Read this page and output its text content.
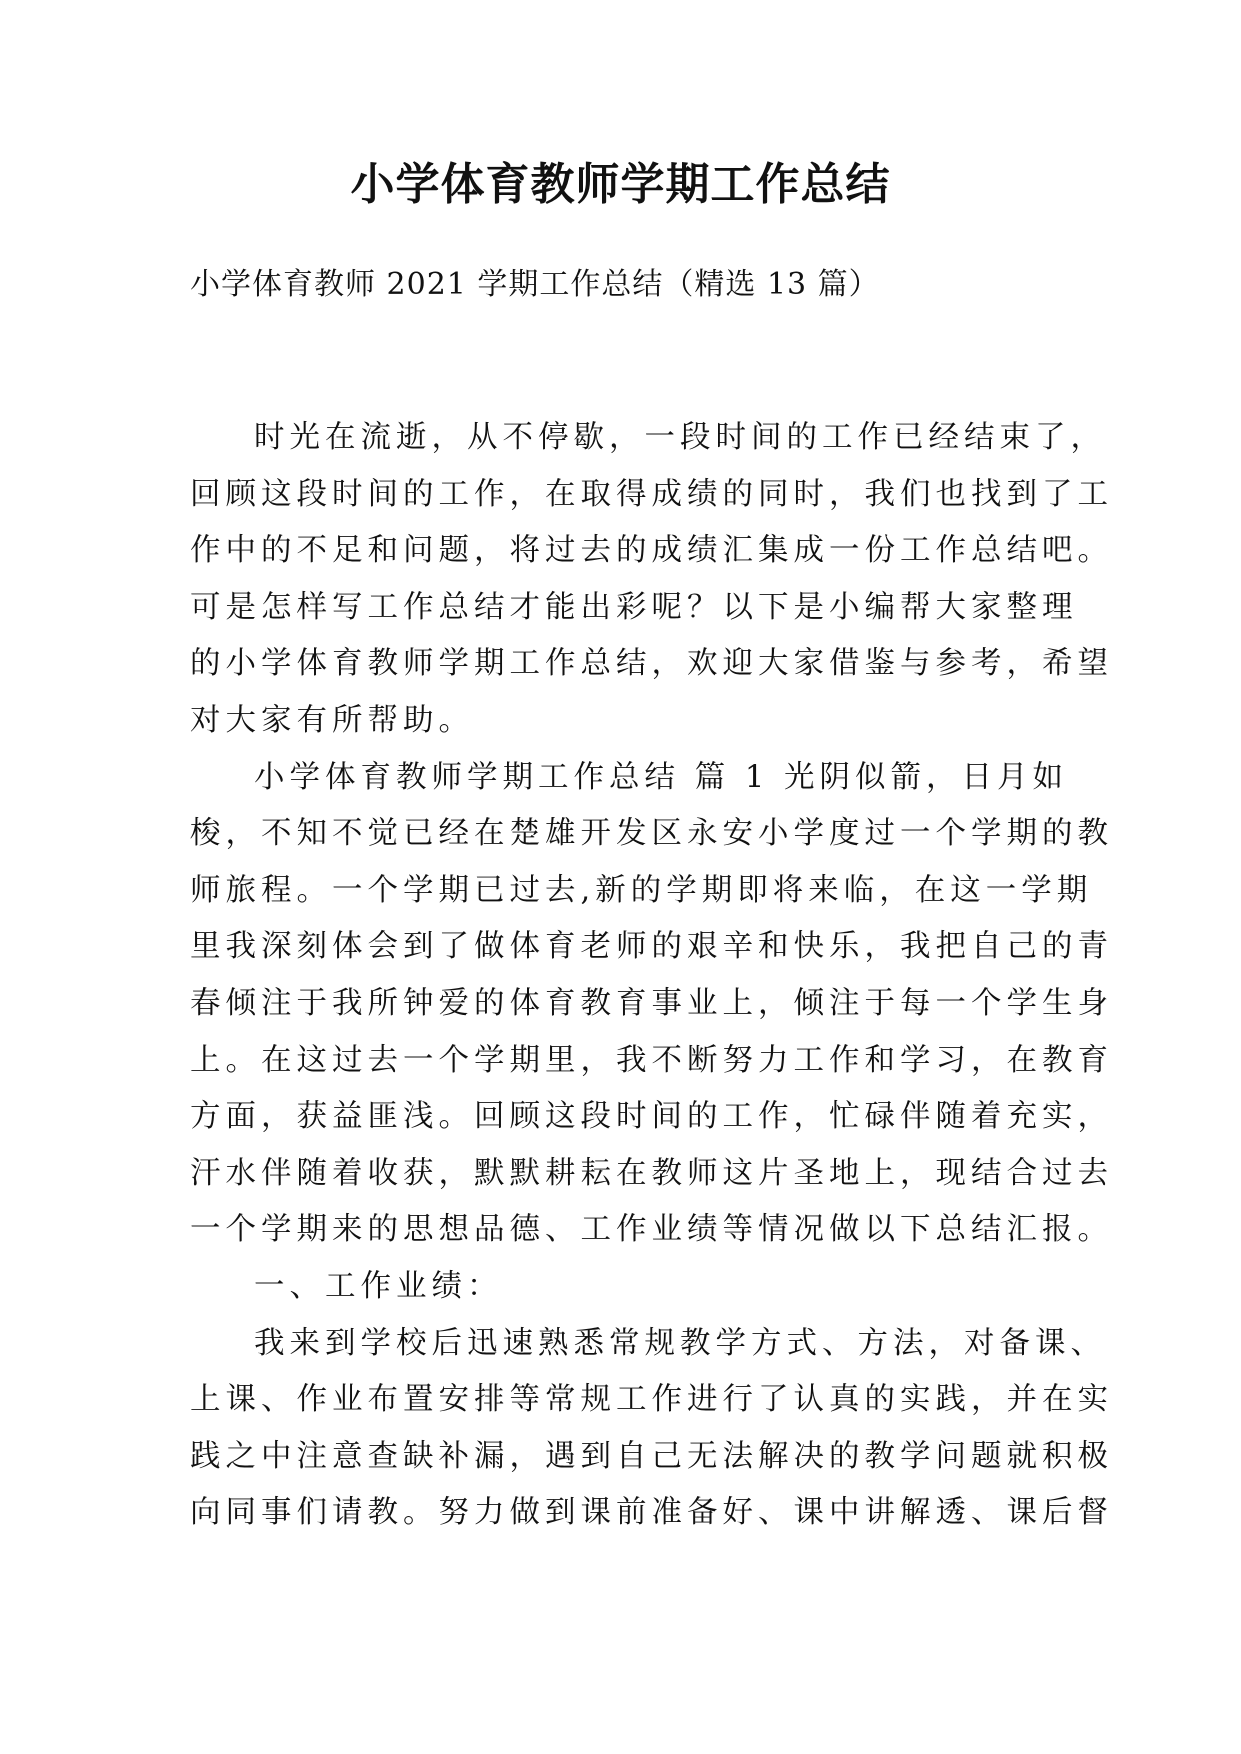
小学体育教师学期工作总结
小学体育教师 2021 学期工作总结（精选 13 篇）
时光在流逝，从不停歇，一段时间的工作已经结束了，
回顾这段时间的工作，在取得成绩的同时，我们也找到了工
作中的不足和问题，将过去的成绩汇集成一份工作总结吧。
可是怎样写工作总结才能出彩呢？以下是小编帮大家整理
的小学体育教师学期工作总结，欢迎大家借鉴与参考，希望
对大家有所帮助。
小学体育教师学期工作总结 篇 1 光阴似箭，日月如
梭，不知不觉已经在楚雄开发区永安小学度过一个学期的教
师旅程。一个学期已过去,新的学期即将来临，在这一学期
里我深刻体会到了做体育老师的艰辛和快乐，我把自己的青
春倾注于我所钟爱的体育教育事业上，倾注于每一个学生身
上。在这过去一个学期里，我不断努力工作和学习，在教育
方面，获益匪浅。回顾这段时间的工作，忙碌伴随着充实，
汗水伴随着收获，默默耕耘在教师这片圣地上，现结合过去
一个学期来的思想品德、工作业绩等情况做以下总结汇报。
一、工作业绩：
我来到学校后迅速熟悉常规教学方式、方法，对备课、
上课、作业布置安排等常规工作进行了认真的实践，并在实
践之中注意查缺补漏，遇到自己无法解决的教学问题就积极
向同事们请教。努力做到课前准备好、课中讲解透、课后督
